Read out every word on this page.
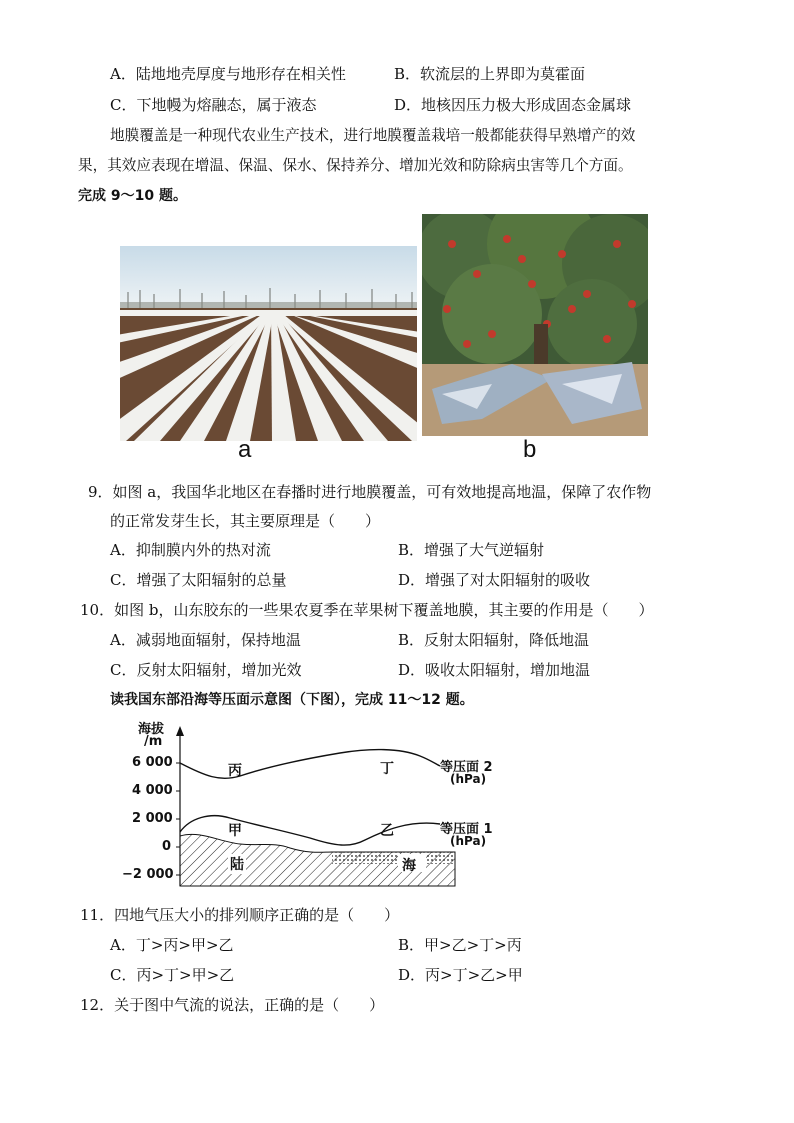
A．陆地地壳厚度与地形存在相关性	B．软流层的上界即为莫霍面
C．下地幔为熔融态，属于液态	D．地核因压力极大形成固态金属球
地膜覆盖是一种现代农业生产技术，进行地膜覆盖栽培一般都能获得早熟增产的效
果，其效应表现在增温、保温、保水、保持养分、增加光效和防除病虫害等几个方面。
完成 9～10 题。
a	b
9．如图 a，我国华北地区在春播时进行地膜覆盖，可有效地提高地温，保障了农作物
的正常发芽生长，其主要原理是（　　）
A．抑制膜内外的热对流	B．增强了大气逆辐射
C．增强了太阳辐射的总量	D．增强了对太阳辐射的吸收
10．如图 b，山东胶东的一些果农夏季在苹果树下覆盖地膜，其主要的作用是（　　）
A．减弱地面辐射，保持地温	B．反射太阳辐射，降低地温
C．反射太阳辐射，增加光效	D．吸收太阳辐射，增加地温
读我国东部沿海等压面示意图（下图），完成 11～12 题。
海拔
/m
6 000
4 000
2 000
0
−2 000
丙	丁
甲	乙
陆	海
等压面 2
(hPa)
等压面 1
(hPa)
11．四地气压大小的排列顺序正确的是（　　）
A．丁>丙>甲>乙	B．甲>乙>丁>丙
C．丙>丁>甲>乙	D．丙>丁>乙>甲
12．关于图中气流的说法，正确的是（　　）
